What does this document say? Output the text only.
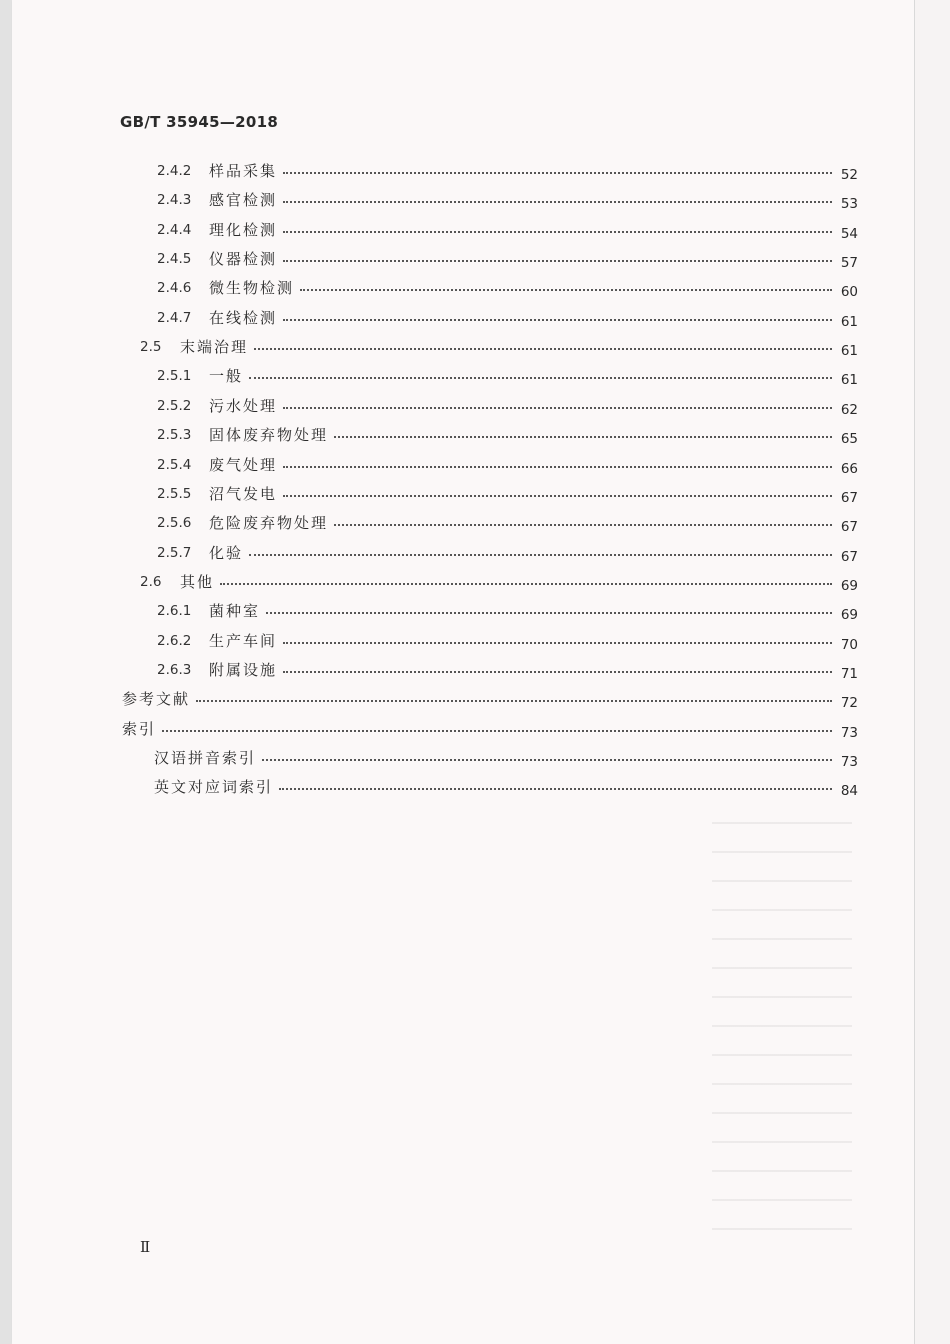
GB/T 35945—2018
2.4.2	样品采集	52
2.4.3	感官检测	53
2.4.4	理化检测	54
2.4.5	仪器检测	57
2.4.6	微生物检测	60
2.4.7	在线检测	61
2.5	末端治理	61
2.5.1	一般	61
2.5.2	污水处理	62
2.5.3	固体废弃物处理	65
2.5.4	废气处理	66
2.5.5	沼气发电	67
2.5.6	危险废弃物处理	67
2.5.7	化验	67
2.6	其他	69
2.6.1	菌种室	69
2.6.2	生产车间	70
2.6.3	附属设施	71
参考文献	72
索引	73
汉语拼音索引	73
英文对应词索引	84
Ⅱ
